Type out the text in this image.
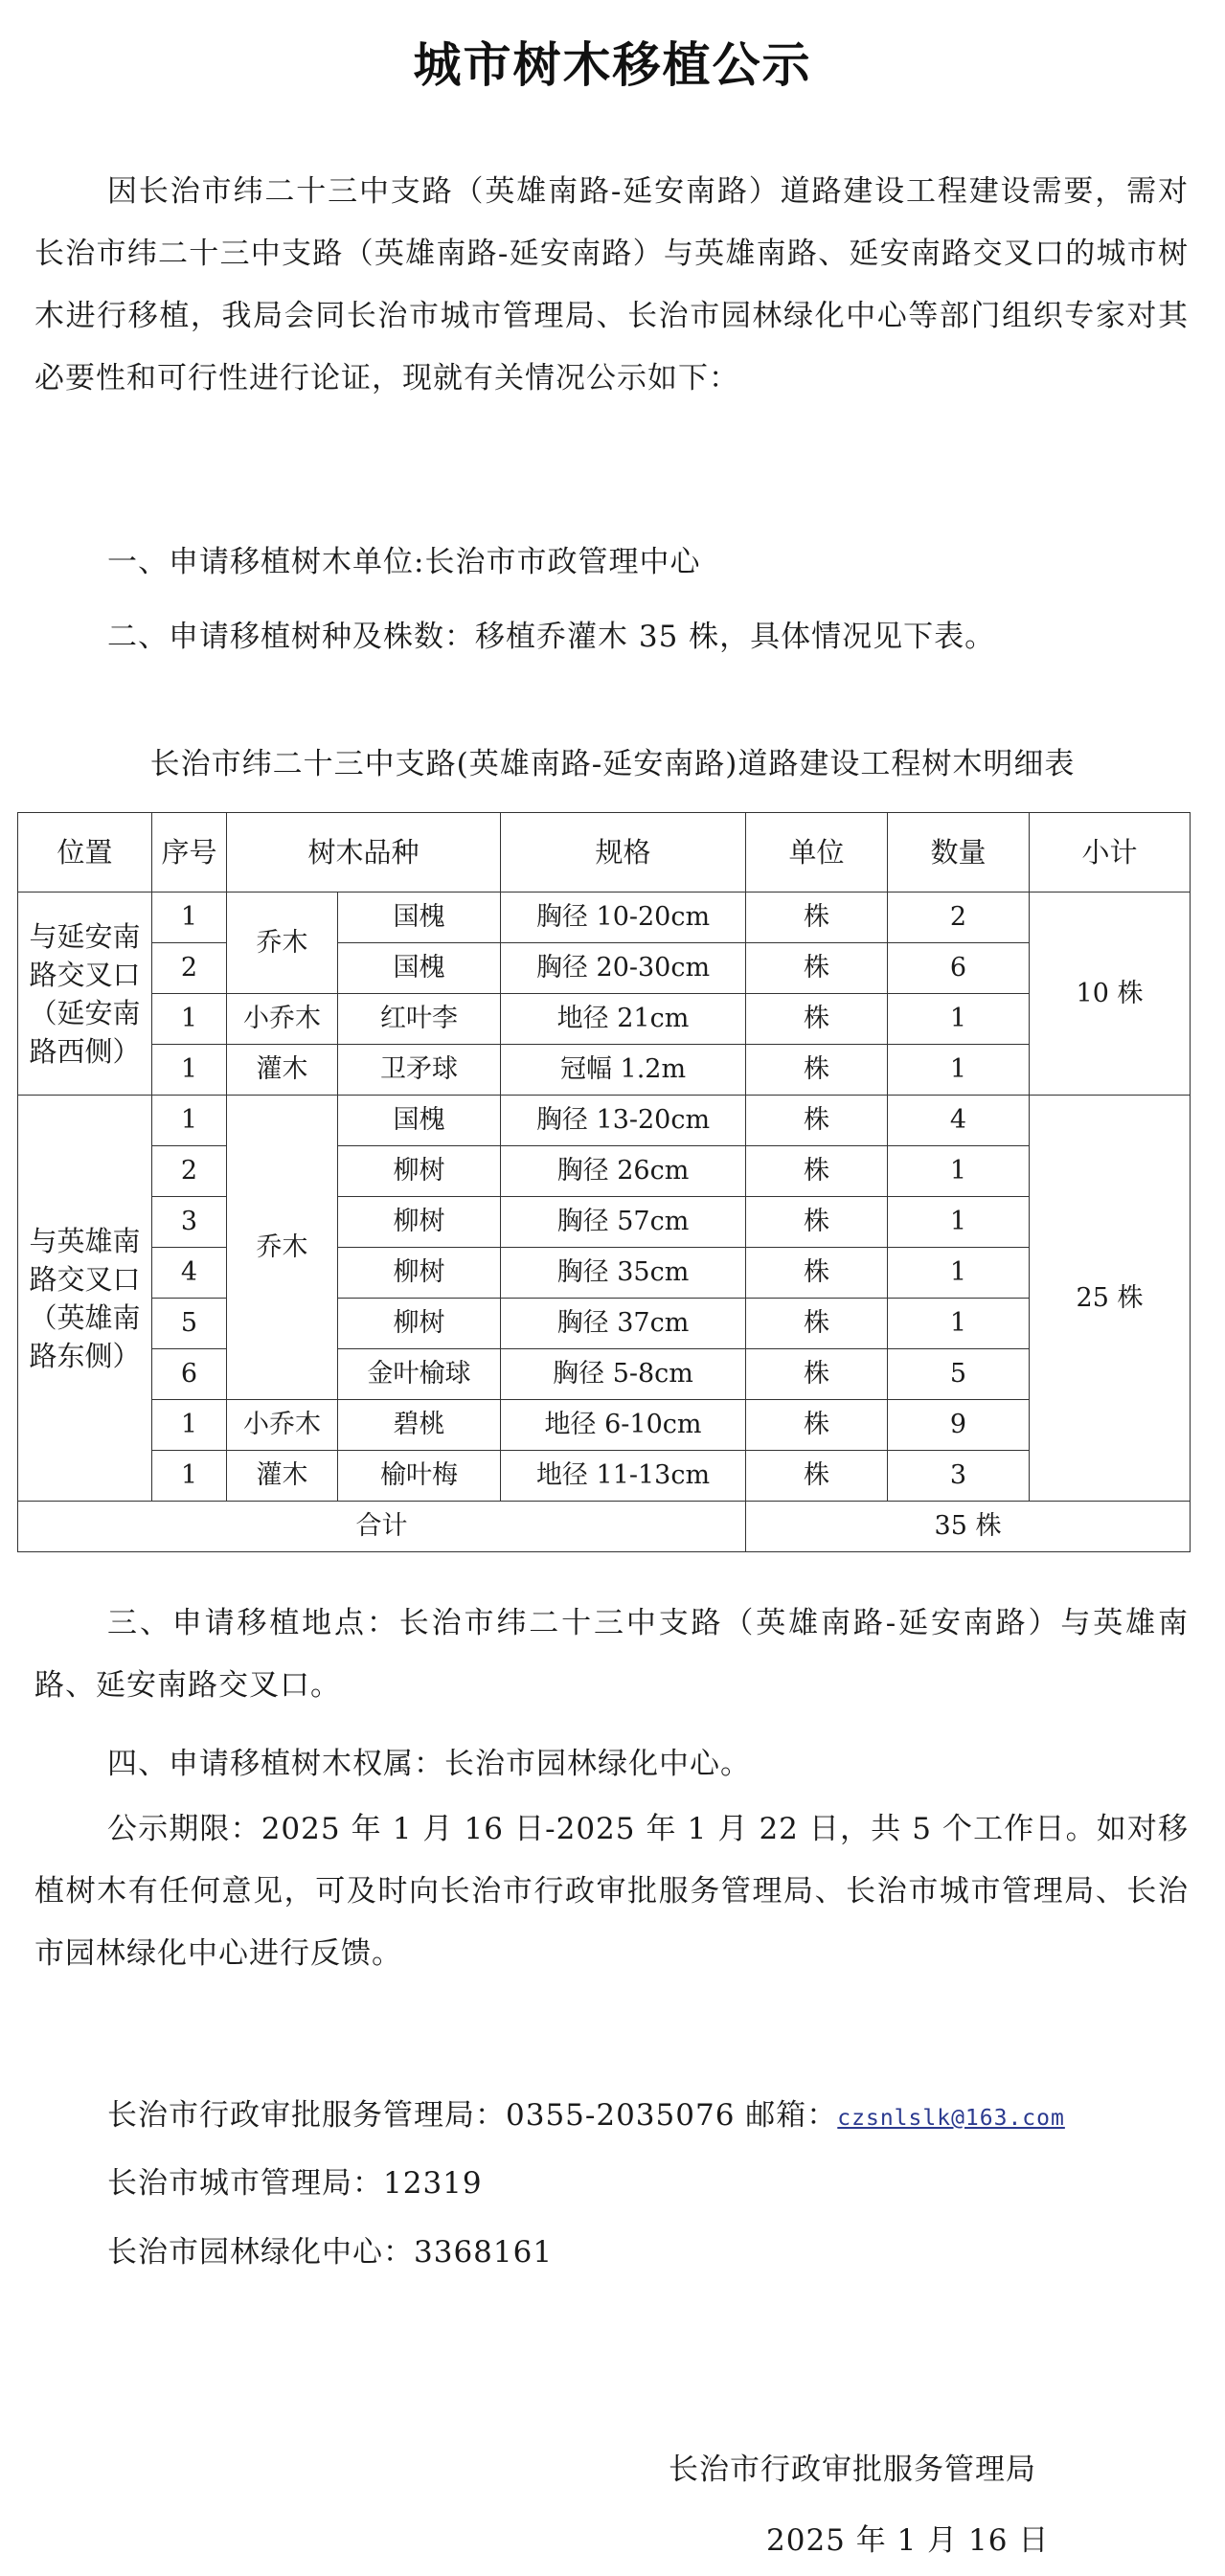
城市树木移植公示
因长治市纬二十三中支路（英雄南路-延安南路）道路建设工程建设需要，需对长治市纬二十三中支路（英雄南路-延安南路）与英雄南路、延安南路交叉口的城市树木进行移植，我局会同长治市城市管理局、长治市园林绿化中心等部门组织专家对其必要性和可行性进行论证，现就有关情况公示如下：
一、申请移植树木单位:长治市市政管理中心
二、申请移植树种及株数：移植乔灌木 35 株，具体情况见下表。
长治市纬二十三中支路(英雄南路-延安南路)道路建设工程树木明细表
位置	序号	树木品种		规格	单位	数量	小计
与延安南路交叉口（延安南路西侧）	1	乔木	国槐	胸径 10-20cm	株	2	10 株
	2		国槐	胸径 20-30cm	株	6	
	1	小乔木	红叶李	地径 21cm	株	1	
	1	灌木	卫矛球	冠幅 1.2m	株	1	
与英雄南路交叉口（英雄南路东侧）	1	乔木	国槐	胸径 13-20cm	株	4	25 株
	2		柳树	胸径 26cm	株	1	
	3		柳树	胸径 57cm	株	1	
	4		柳树	胸径 35cm	株	1	
	5		柳树	胸径 37cm	株	1	
	6		金叶榆球	胸径 5-8cm	株	5	
	1	小乔木	碧桃	地径 6-10cm	株	9	
	1	灌木	榆叶梅	地径 11-13cm	株	3	
合计					35 株		
三、申请移植地点：长治市纬二十三中支路（英雄南路-延安南路）与英雄南路、延安南路交叉口。
四、申请移植树木权属：长治市园林绿化中心。
公示期限：2025 年 1 月 16 日-2025 年 1 月 22 日，共 5 个工作日。如对移植树木有任何意见，可及时向长治市行政审批服务管理局、长治市城市管理局、长治市园林绿化中心进行反馈。
长治市行政审批服务管理局：0355-2035076 邮箱：czsnlslk@163.com
长治市城市管理局：12319
长治市园林绿化中心：3368161
长治市行政审批服务管理局
2025 年 1 月 16 日
